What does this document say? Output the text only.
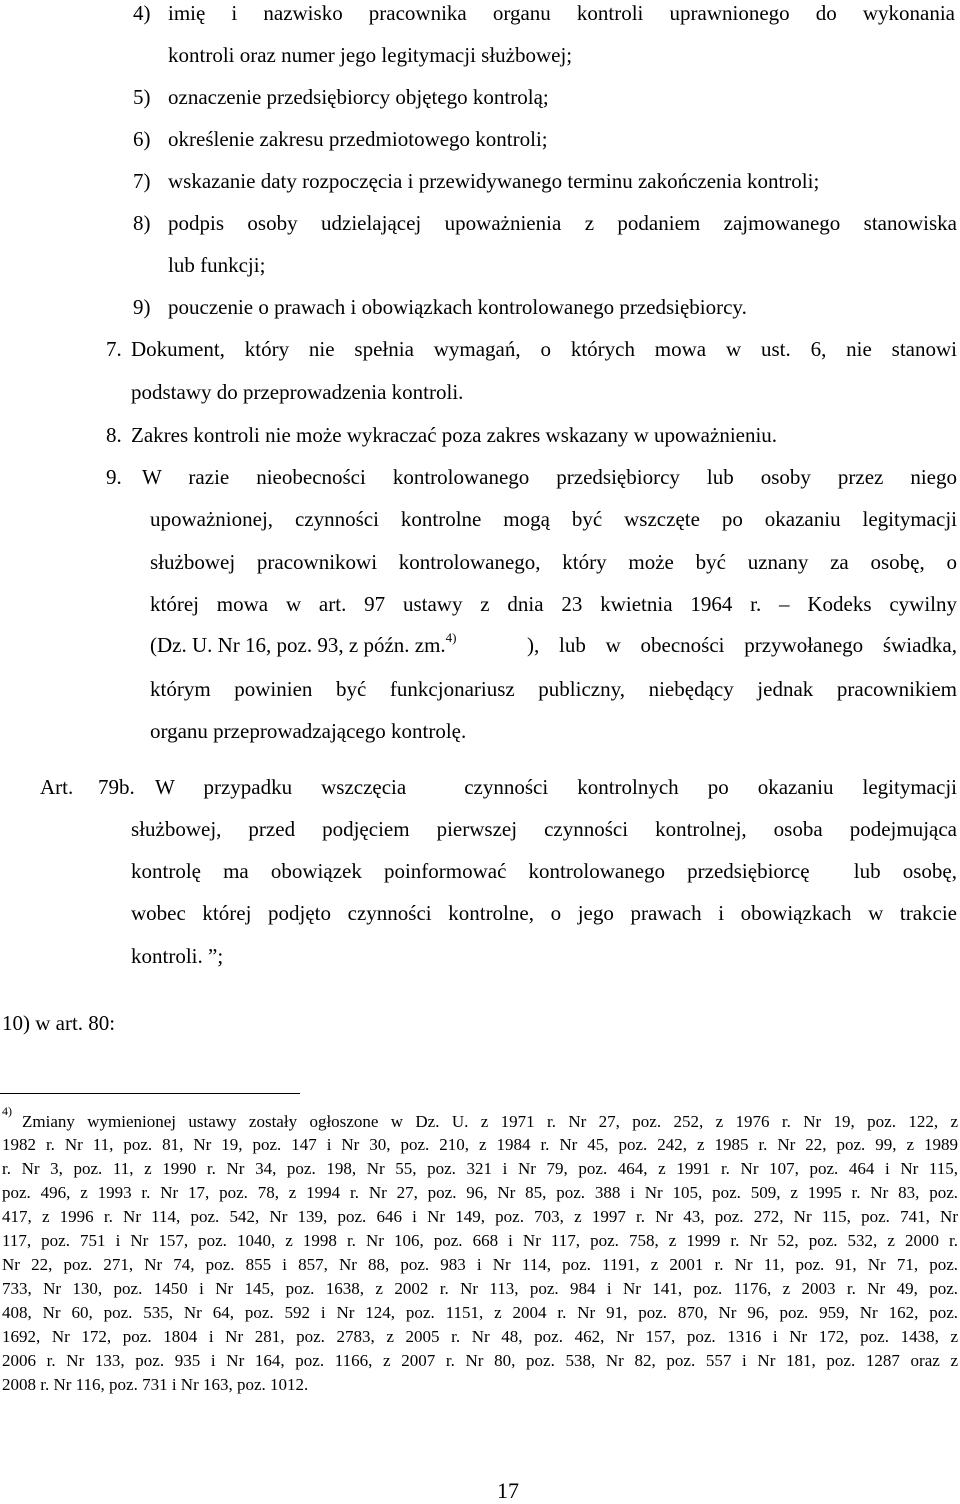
4) imię i nazwisko pracownika organu kontroli uprawnionego do wykonania
kontroli oraz numer jego legitymacji służbowej;
5) oznaczenie przedsiębiorcy objętego kontrolą;
6) określenie zakresu przedmiotowego kontroli;
7) wskazanie daty rozpoczęcia i przewidywanego terminu zakończenia kontroli;
8) podpis osoby udzielającej upoważnienia z podaniem zajmowanego stanowiska
lub funkcji;
9) pouczenie o prawach i obowiązkach kontrolowanego przedsiębiorcy.
7. Dokument, który nie spełnia wymagań, o których mowa w ust. 6, nie stanowi
podstawy do przeprowadzenia kontroli.
8. Zakres kontroli nie może wykraczać poza zakres wskazany w upoważnieniu.
9. W razie nieobecności kontrolowanego przedsiębiorcy lub osoby przez niego
upoważnionej, czynności kontrolne mogą być wszczęte po okazaniu legitymacji
służbowej pracownikowi kontrolowanego, który może być uznany za osobę, o
której mowa w art. 97 ustawy z dnia 23 kwietnia 1964 r. – Kodeks cywilny
(Dz. U. Nr 16, poz. 93, z późn. zm.$^{4)}$	), lub w obecności przywołanego świadka,
którym powinien być funkcjonariusz publiczny, niebędący jednak pracownikiem
organu przeprowadzającego kontrolę.
Art. 79b. W przypadku wszczęcia  czynności kontrolnych po okazaniu legitymacji
służbowej, przed podjęciem pierwszej czynności kontrolnej, osoba podejmująca
kontrolę ma obowiązek poinformować kontrolowanego przedsiębiorcę  lub osobę,
wobec której podjęto czynności kontrolne, o jego prawach i obowiązkach w trakcie
kontroli. ”;
10) w art. 80:
4)
Zmiany wymienionej ustawy zostały ogłoszone w Dz. U. z 1971 r. Nr 27, poz. 252, z 1976 r. Nr 19, poz. 122, z
1982 r. Nr 11, poz. 81, Nr 19, poz. 147 i Nr 30, poz. 210, z 1984 r. Nr 45, poz. 242, z 1985 r. Nr 22, poz. 99, z 1989
r. Nr 3, poz. 11, z 1990 r. Nr 34, poz. 198, Nr 55, poz. 321 i Nr 79, poz. 464, z 1991 r. Nr 107, poz. 464 i Nr 115,
poz. 496, z 1993 r. Nr 17, poz. 78, z 1994 r. Nr 27, poz. 96, Nr 85, poz. 388 i Nr 105, poz. 509, z 1995 r. Nr 83, poz.
417, z 1996 r. Nr 114, poz. 542, Nr 139, poz. 646 i Nr 149, poz. 703, z 1997 r. Nr 43, poz. 272, Nr 115, poz. 741, Nr
117, poz. 751 i Nr 157, poz. 1040, z 1998 r. Nr 106, poz. 668 i Nr 117, poz. 758, z 1999 r. Nr 52, poz. 532, z 2000 r.
Nr 22, poz. 271, Nr 74, poz. 855 i 857, Nr 88, poz. 983 i Nr 114, poz. 1191, z 2001 r. Nr 11, poz. 91, Nr 71, poz.
733, Nr 130, poz. 1450 i Nr 145, poz. 1638, z 2002 r. Nr 113, poz. 984 i Nr 141, poz. 1176, z 2003 r. Nr 49, poz.
408, Nr 60, poz. 535, Nr 64, poz. 592 i Nr 124, poz. 1151, z 2004 r. Nr 91, poz. 870, Nr 96, poz. 959, Nr 162, poz.
1692, Nr 172, poz. 1804 i Nr 281, poz. 2783, z 2005 r. Nr 48, poz. 462, Nr 157, poz. 1316 i Nr 172, poz. 1438, z
2006 r. Nr 133, poz. 935 i Nr 164, poz. 1166, z 2007 r. Nr 80, poz. 538, Nr 82, poz. 557 i Nr 181, poz. 1287 oraz z
2008 r. Nr 116, poz. 731 i Nr 163, poz. 1012.
17
